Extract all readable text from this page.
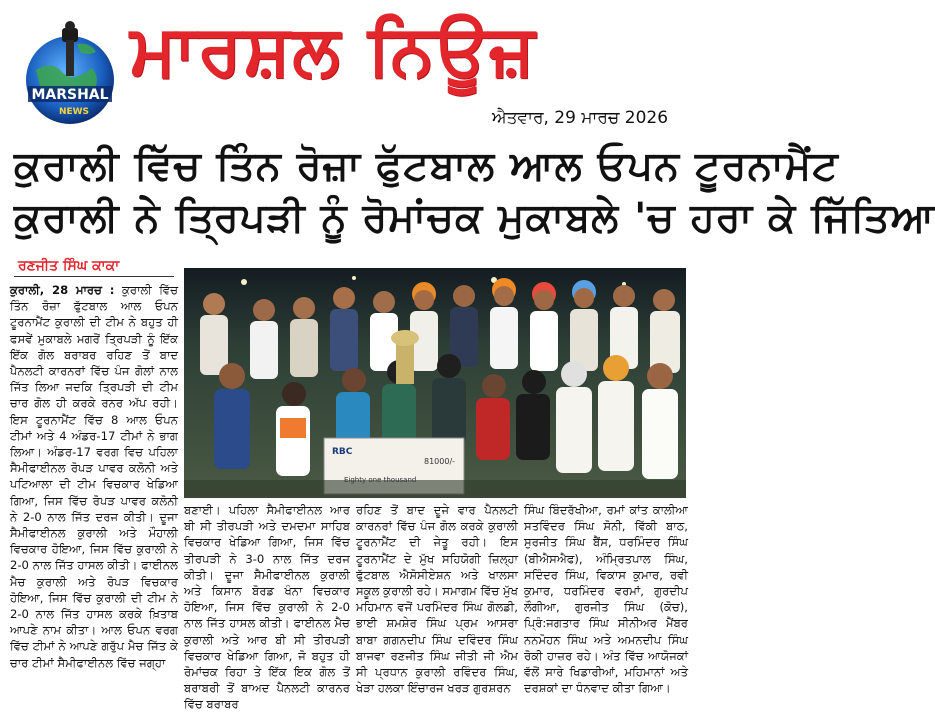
MARSHAL
NEWS
ਮਾਰਸ਼ਲ ਨਿਊਜ਼
ਐਤਵਾਰ, 29 ਮਾਰਚ 2026
ਕੁਰਾਲੀ ਵਿੱਚ ਤਿੰਨ ਰੋਜ਼ਾ ਫੁੱਟਬਾਲ ਆਲ ਓਪਨ ਟੂਰਨਾਮੈਂਟ
ਕੁਰਾਲੀ ਨੇ ਤ੍ਰਿਪੜੀ ਨੂੰ ਰੋਮਾਂਚਕ ਮੁਕਾਬਲੇ 'ਚ ਹਰਾ ਕੇ ਜਿੱਤਿਆ
ਰਣਜੀਤ ਸਿੰਘ ਕਾਕਾ

ਕੁਰਾਲੀ, 28 ਮਾਰਚ : ਕੁਰਾਲੀ ਵਿੱਚ ਤਿੰਨ ਰੋਜ਼ਾ ਫੁੱਟਬਾਲ ਆਲ ਓਪਨ ਟੂਰਨਾਮੈਂਟ ਕੁਰਾਲੀ ਦੀ ਟੀਮ ਨੇ ਬਹੁਤ ਹੀ ਫਸਵੇਂ ਮੁਕਾਬਲੇ ਮਗਰੋਂ ਤ੍ਰਿਪੜੀ ਨੂੰ ਇੱਕ ਇੱਕ ਗੋਲ ਬਰਾਬਰ ਰਹਿਣ ਤੋਂ ਬਾਦ ਪੈਨਲਟੀ ਕਾਰਨਰਾਂ ਵਿੱਚ ਪੰਜ ਗੋਲਾਂ ਨਾਲ ਜਿੱਤ ਲਿਆ ਜਦਕਿ ਤ੍ਰਿਪੜੀ ਦੀ ਟੀਮ ਚਾਰ ਗੋਲ ਹੀ ਕਰਕੇ ਰਨਰ ਅੱਪ ਰਹੀ। ਇਸ ਟੂਰਨਾਮੈਂਟ ਵਿੱਚ 8 ਆਲ ਓਪਨ ਟੀਮਾਂ ਅਤੇ 4 ਅੰਡਰ-17 ਟੀਮਾਂ ਨੇ ਭਾਗ ਲਿਆ। ਅੰਡਰ-17 ਵਰਗ ਵਿਚ ਪਹਿਲਾ ਸੈਮੀਫਾਈਨਲ ਰੋਪੜ ਪਾਵਰ ਕਲੋਨੀ ਅਤੇ ਪਟਿਆਲਾ ਦੀ ਟੀਮ ਵਿਚਕਾਰ ਖੇਡਿਆ ਗਿਆ, ਜਿਸ ਵਿੱਚ ਰੋਪੜ ਪਾਵਰ ਕਲੋਨੀ ਨੇ 2-0 ਨਾਲ ਜਿੱਤ ਦਰਜ ਕੀਤੀ। ਦੂਜਾ ਸੈਮੀਫਾਈਨਲ ਕੁਰਾਲੀ ਅਤੇ ਮੌਹਾਲੀ ਵਿਚਕਾਰ ਹੋਇਆ, ਜਿਸ ਵਿੱਚ ਕੁਰਾਲੀ ਨੇ 2-0 ਨਾਲ ਜਿੱਤ ਹਾਸਲ ਕੀਤੀ। ਫਾਈਨਲ ਮੈਚ ਕੁਰਾਲੀ ਅਤੇ ਰੋਪੜ ਵਿਚਕਾਰ ਹੋਇਆ, ਜਿਸ ਵਿੱਚ ਕੁਰਾਲੀ ਦੀ ਟੀਮ ਨੇ 2-0 ਨਾਲ ਜਿੱਤ ਹਾਸਲ ਕਰਕੇ ਖ਼ਿਤਾਬ ਆਪਣੇ ਨਾਮ ਕੀਤਾ। ਆਲ ਓਪਨ ਵਰਗ ਵਿੱਚ ਟੀਮਾਂ ਨੇ ਆਪਣੇ ਗਰੁੱਪ ਮੈਚ ਜਿੱਤ ਕੇ ਚਾਰ ਟੀਮਾਂ ਸੈਮੀਫਾਈਨਲ ਵਿੱਚ ਜਗ੍ਹਾ

RBC
81000/-

ਬਣਾਈ। ਪਹਿਲਾ ਸੈਮੀਫਾਈਨਲ ਆਰ ਬੀ ਸੀ ਤੀਰਪੜੀ ਅਤੇ ਦਮਦਮਾ ਸਾਹਿਬ ਵਿਚਕਾਰ ਖੇਡਿਆ ਗਿਆ, ਜਿਸ ਵਿੱਚ ਤੀਰਪੜੀ ਨੇ 3-0 ਨਾਲ ਜਿੱਤ ਦਰਜ ਕੀਤੀ। ਦੂਜਾ ਸੈਮੀਫਾਈਨਲ ਕੁਰਾਲੀ ਅਤੇ ਕਿਸਾਨ ਬੋਰਡ ਖੰਨਾ ਵਿਚਕਾਰ ਹੋਇਆ, ਜਿਸ ਵਿੱਚ ਕੁਰਾਲੀ ਨੇ 2-0 ਨਾਲ ਜਿੱਤ ਹਾਸਲ ਕੀਤੀ। ਫਾਈਨਲ ਮੈਚ ਕੁਰਾਲੀ ਅਤੇ ਆਰ ਬੀ ਸੀ ਤੀਰਪੜੀ ਵਿਚਕਾਰ ਖੇਡਿਆ ਗਿਆ, ਜੋ ਬਹੁਤ ਹੀ ਰੋਮਾਂਚਕ ਰਿਹਾ ਤੇ ਇੱਕ ਇਕ ਗੋਲ ਤੋਂ ਬਰਾਬਰੀ ਤੋਂ ਬਾਅਦ ਪੈਨਲਟੀ ਕਾਰਨਰ ਵਿੱਚ ਬਰਾਬਰ

ਰਹਿਣ ਤੋਂ ਬਾਦ ਦੂਜੇ ਵਾਰ ਪੈਨਲਟੀ ਕਾਰਨਰਾਂ ਵਿੱਚ ਪੰਜ ਗੋਲ ਕਰਕੇ ਕੁਰਾਲੀ ਟੂਰਨਾਮੈਂਟ ਦੀ ਜੇਤੂ ਰਹੀ। ਇਸ ਟੂਰਨਾਮੈਂਟ ਦੇ ਮੁੱਖ ਸਹਿਯੋਗੀ ਜ਼ਿਲ੍ਹਾ ਫੁੱਟਬਾਲ ਐਸੋਸੀਏਸ਼ਨ ਅਤੇ ਖਾਲਸਾ ਸਕੂਲ ਕੁਰਾਲੀ ਰਹੇ। ਸਮਾਗਮ ਵਿੱਚ ਮੁੱਖ ਮਹਿਮਾਨ ਵਜੋਂ ਪਰਮਿੰਦਰ ਸਿੰਘ ਗੋਲਡੀ, ਭਾਈ ਸ਼ਮਸ਼ੇਰ ਸਿੰਘ ਪ੍ਰਮ ਆਸਰਾ ਬਾਬਾ ਗਗਨਦੀਪ ਸਿੰਘ ਦਵਿੰਦਰ ਸਿੰਘ ਬਾਜਵਾ ਰਣਜੀਤ ਸਿੰਘ ਜੀਤੀ ਜੀ ਐਮ ਸੀ ਪ੍ਰਧਾਨ ਕੁਰਾਲੀ ਰਵਿੰਦਰ ਸਿੰਘ, ਖੇੜਾ ਹਲਕਾ ਇੰਚਾਰਜ ਖਰੜ ਗੁਰਸ਼ਰਨ

ਸਿੰਘ ਬਿੰਦਰੱਖੀਆ, ਰਮਾਂ ਕਾਂਤ ਕਾਲੀਆ ਸਤਵਿੰਦਰ ਸਿੰਘ ਸੋਨੀ, ਵਿੱਕੀ ਬਾਠ, ਸੁਰਜੀਤ ਸਿੰਘ ਬੈਂਸ, ਧਰਮਿੰਦਰ ਸਿੰਘ (ਬੀਐਸਐਫ), ਅੰਮ੍ਰਿਤਪਾਲ ਸਿੰਘ, ਸਦਿੰਦਰ ਸਿੰਘ, ਵਿਕਾਸ ਕੁਮਾਰ, ਰਵੀ ਕੁਮਾਰ, ਧਰਮਿੰਦਰ ਵਰਮਾਂ, ਗੁਰਦੀਪ ਲੌਗੀਆ, ਗੁਰਜੀਤ ਸਿੰਘ (ਕੋਚ), ਪ੍ਰਿੰ:ਜਗਤਾਰ ਸਿੰਘ ਸੀਨੀਅਰ ਮੈਂਬਰ ਨਨਮੋਹਨ ਸਿੰਘ ਅਤੇ ਅਮਨਦੀਪ ਸਿੰਘ ਰੋਕੀ ਹਾਜ਼ਰ ਰਹੇ। ਅੰਤ ਵਿੱਚ ਆਯੋਜਕਾਂ ਵੱਲੋਂ ਸਾਰੇ ਖਿਡਾਰੀਆਂ, ਮਹਿਮਾਨਾਂ ਅਤੇ ਦਰਸ਼ਕਾਂ ਦਾ ਧੰਨਵਾਦ ਕੀਤਾ ਗਿਆ।
